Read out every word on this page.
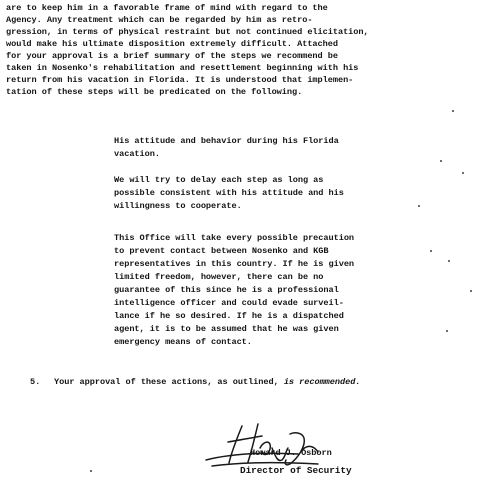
are to keep him in a favorable frame of mind with regard to the
Agency. Any treatment which can be regarded by him as retro-
gression, in terms of physical restraint but not continued elicitation,
would make his ultimate disposition extremely difficult. Attached
for your approval is a brief summary of the steps we recommend be
taken in Nosenko's rehabilitation and resettlement beginning with his
return from his vacation in Florida. It is understood that implemen-
tation of these steps will be predicated on the following.
His attitude and behavior during his Florida
vacation.
We will try to delay each step as long as
possible consistent with his attitude and his
willingness to cooperate.
This Office will take every possible precaution
to prevent contact between Nosenko and KGB
representatives in this country. If he is given
limited freedom, however, there can be no
guarantee of this since he is a professional
intelligence officer and could evade surveil-
lance if he so desired. If he is a dispatched
agent, it is to be assumed that he was given
emergency means of contact.
5. Your approval of these actions, as outlined, is recommended.
Howard J. Osborn
Director of Security
